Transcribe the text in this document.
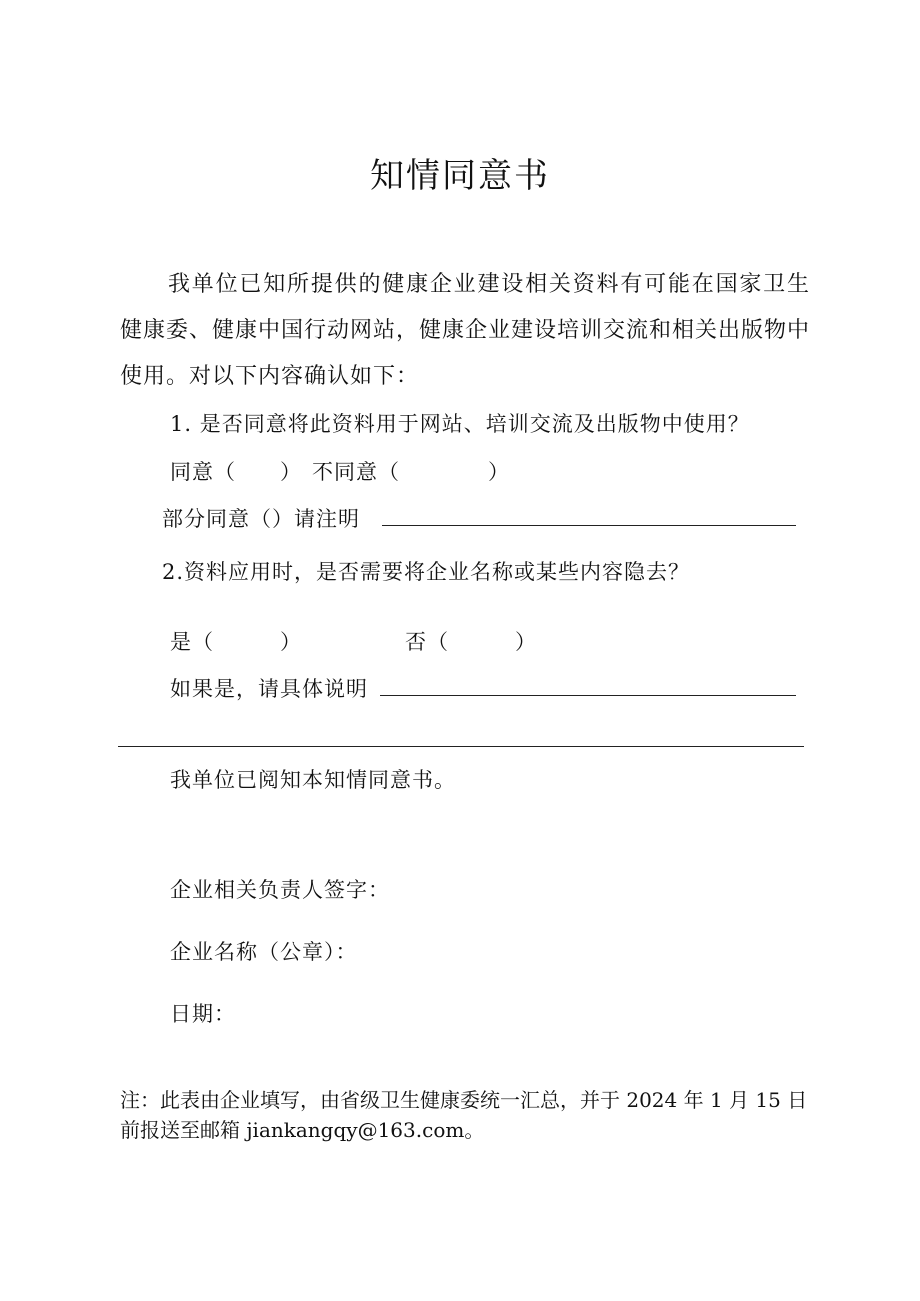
知情同意书
我单位已知所提供的健康企业建设相关资料有可能在国家卫生健康委、健康中国行动网站，健康企业建设培训交流和相关出版物中使用。对以下内容确认如下：
1. 是否同意将此资料用于网站、培训交流及出版物中使用？
同意（　　） 不同意（　　　　）
部分同意（）请注明
2.资料应用时，是否需要将企业名称或某些内容隐去？
是（　　　）	否（　　　）
如果是，请具体说明
我单位已阅知本知情同意书。
企业相关负责人签字：
企业名称（公章）：
日期：
注：此表由企业填写，由省级卫生健康委统一汇总，并于 2024 年 1 月 15 日前报送至邮箱 jiankangqy@163.com。
